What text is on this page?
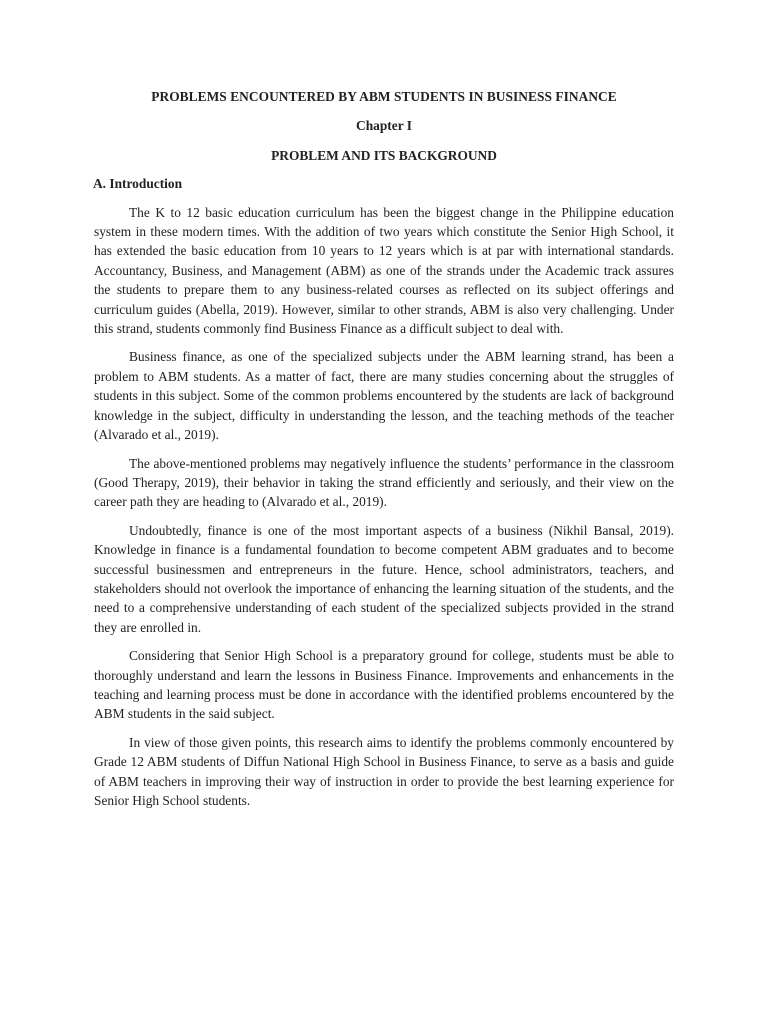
PROBLEMS ENCOUNTERED BY ABM STUDENTS IN BUSINESS FINANCE
Chapter I
PROBLEM AND ITS BACKGROUND
A. Introduction

The K to 12 basic education curriculum has been the biggest change in the Philippine education system in these modern times. With the addition of two years which constitute the Senior High School, it has extended the basic education from 10 years to 12 years which is at par with international standards. Accountancy, Business, and Management (ABM) as one of the strands under the Academic track assures the students to prepare them to any business-related courses as reflected on its subject offerings and curriculum guides (Abella, 2019). However, similar to other strands, ABM is also very challenging. Under this strand, students commonly find Business Finance as a difficult subject to deal with.

Business finance, as one of the specialized subjects under the ABM learning strand, has been a problem to ABM students. As a matter of fact, there are many studies concerning about the struggles of students in this subject. Some of the common problems encountered by the students are lack of background knowledge in the subject, difficulty in understanding the lesson, and the teaching methods of the teacher (Alvarado et al., 2019).

The above-mentioned problems may negatively influence the students’ performance in the classroom (Good Therapy, 2019), their behavior in taking the strand efficiently and seriously, and their view on the career path they are heading to (Alvarado et al., 2019).

Undoubtedly, finance is one of the most important aspects of a business (Nikhil Bansal, 2019). Knowledge in finance is a fundamental foundation to become competent ABM graduates and to become successful businessmen and entrepreneurs in the future. Hence, school administrators, teachers, and stakeholders should not overlook the importance of enhancing the learning situation of the students, and the need to a comprehensive understanding of each student of the specialized subjects provided in the strand they are enrolled in.

Considering that Senior High School is a preparatory ground for college, students must be able to thoroughly understand and learn the lessons in Business Finance. Improvements and enhancements in the teaching and learning process must be done in accordance with the identified problems encountered by the ABM students in the said subject.

In view of those given points, this research aims to identify the problems commonly encountered by Grade 12 ABM students of Diffun National High School in Business Finance, to serve as a basis and guide of ABM teachers in improving their way of instruction in order to provide the best learning experience for Senior High School students.
